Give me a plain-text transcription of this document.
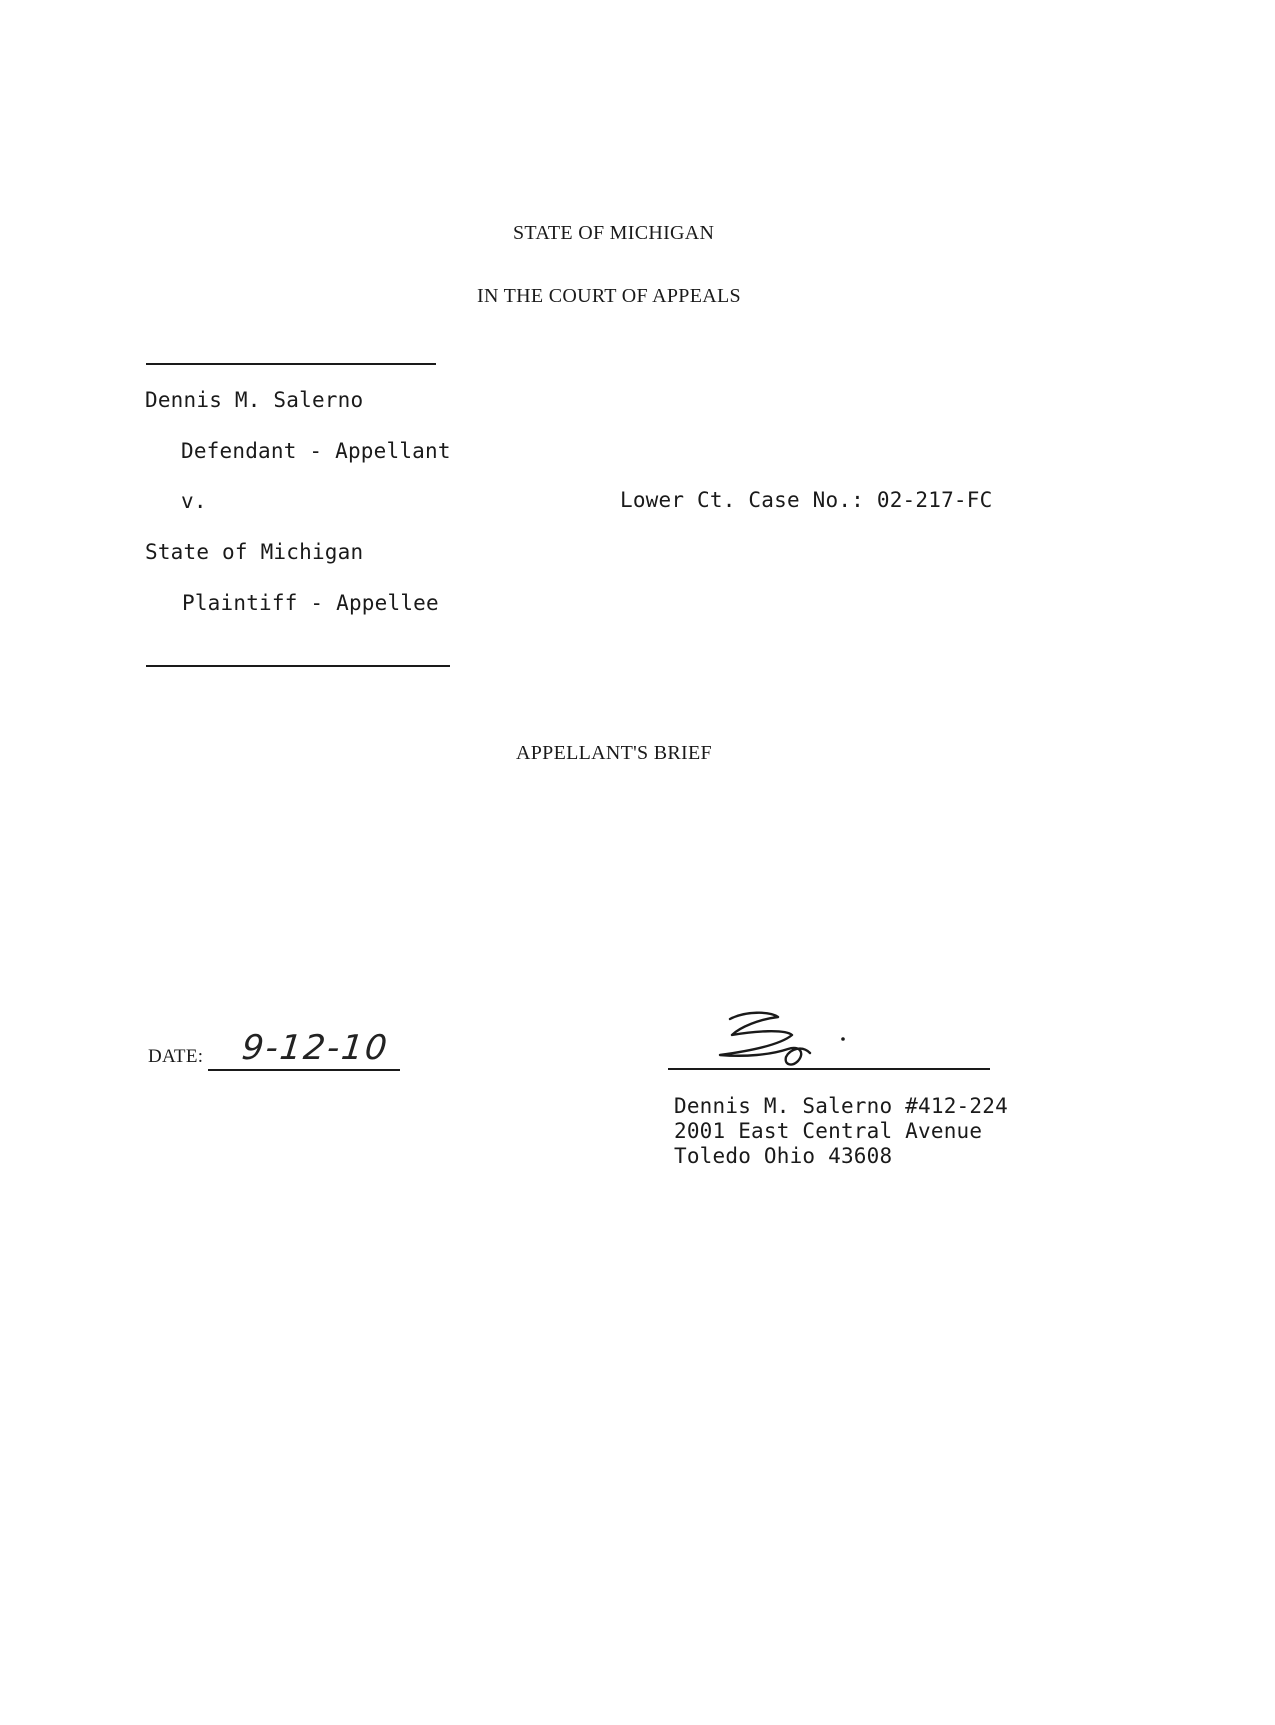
STATE OF MICHIGAN
IN THE COURT OF APPEALS
Dennis M. Salerno
Defendant - Appellant
v.	Lower Ct. Case No.: 02-217-FC
State of Michigan
Plaintiff - Appellee
APPELLANT'S BRIEF
DATE: 9-12-10
Dennis M. Salerno #412-224
2001 East Central Avenue
Toledo Ohio 43608
